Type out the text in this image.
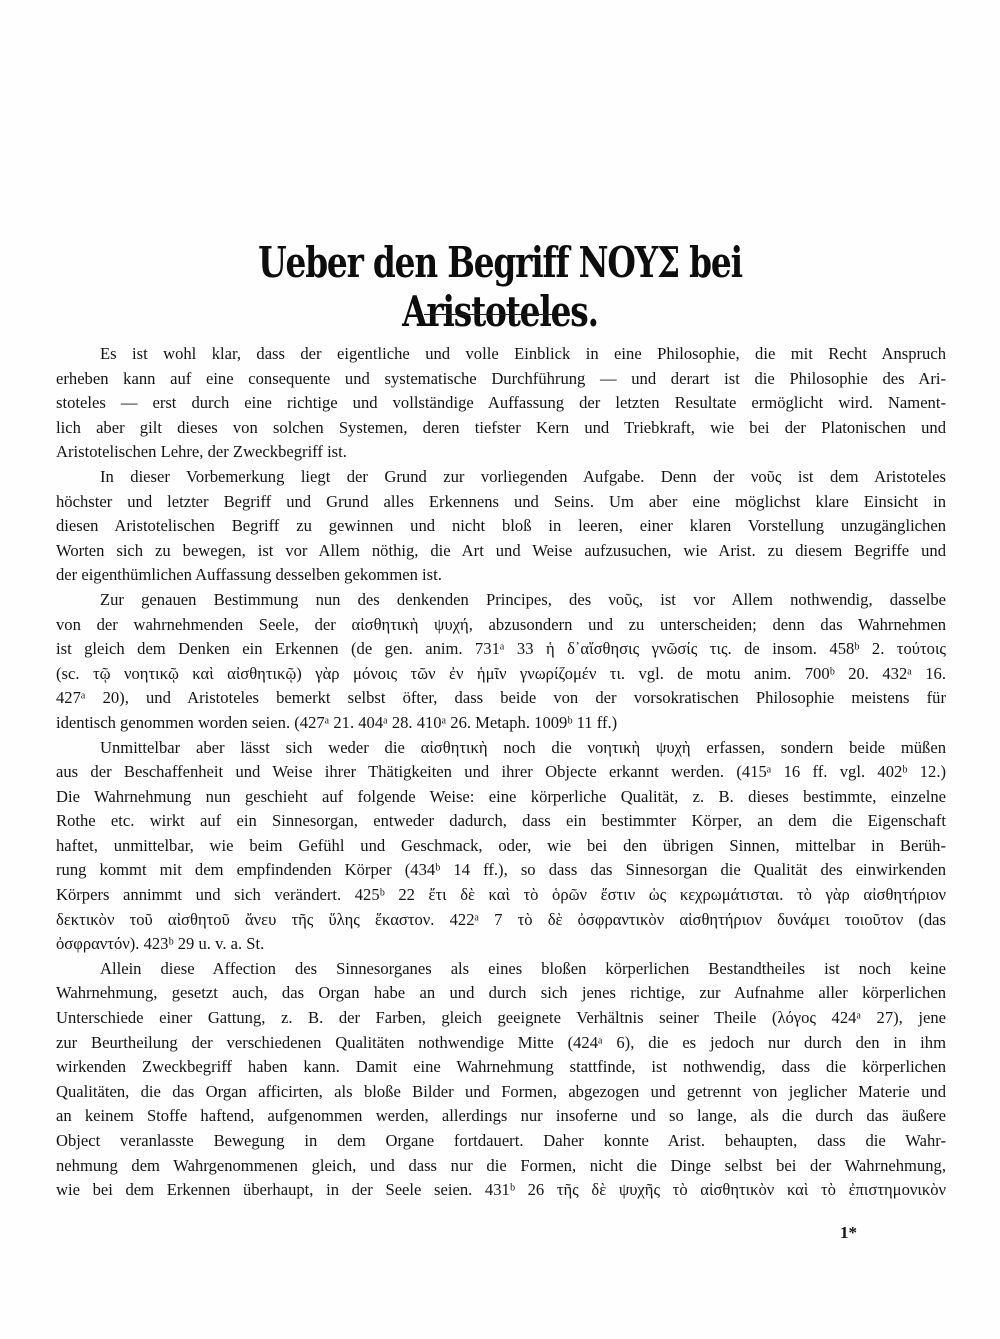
Ueber den Begriff ΝΟΥΣ bei Aristoteles.
Es ist wohl klar, dass der eigentliche und volle Einblick in eine Philosophie, die mit Recht Anspruch
erheben kann auf eine consequente und systematische Durchführung — und derart ist die Philosophie des Ari-
stoteles — erst durch eine richtige und vollständige Auffassung der letzten Resultate ermöglicht wird. Nament-
lich aber gilt dieses von solchen Systemen, deren tiefster Kern und Triebkraft, wie bei der Platonischen und
Aristotelischen Lehre, der Zweckbegriff ist.
In dieser Vorbemerkung liegt der Grund zur vorliegenden Aufgabe. Denn der νοῦς ist dem Aristoteles
höchster und letzter Begriff und Grund alles Erkennens und Seins. Um aber eine möglichst klare Einsicht in
diesen Aristotelischen Begriff zu gewinnen und nicht bloß in leeren, einer klaren Vorstellung unzugänglichen
Worten sich zu bewegen, ist vor Allem nöthig, die Art und Weise aufzusuchen, wie Arist. zu diesem Begriffe und
der eigenthümlichen Auffassung desselben gekommen ist.
Zur genauen Bestimmung nun des denkenden Principes, des νοῦς, ist vor Allem nothwendig, dasselbe
von der wahrnehmenden Seele, der αἰσθητικὴ ψυχή, abzusondern und zu unterscheiden; denn das Wahrnehmen
ist gleich dem Denken ein Erkennen (de gen. anim. 731ᵃ 33 ἡ δ᾽αἴσθησις γνῶσίς τις. de insom. 458ᵇ 2. τούτοις
(sc. τῷ νοητικῷ καὶ αἰσθητικῷ) γὰρ μόνοις τῶν ἐν ἡμῖν γνωρίζομέν τι. vgl. de motu anim. 700ᵇ 20. 432ᵃ 16.
427ᵃ 20), und Aristoteles bemerkt selbst öfter, dass beide von der vorsokratischen Philosophie meistens für
identisch genommen worden seien. (427ᵃ 21. 404ᵃ 28. 410ᵃ 26. Metaph. 1009ᵇ 11 ff.)
Unmittelbar aber lässt sich weder die αἰσθητικὴ noch die νοητικὴ ψυχὴ erfassen, sondern beide müßen
aus der Beschaffenheit und Weise ihrer Thätigkeiten und ihrer Objecte erkannt werden. (415ᵃ 16 ff. vgl. 402ᵇ 12.)
Die Wahrnehmung nun geschieht auf folgende Weise: eine körperliche Qualität, z. B. dieses bestimmte, einzelne
Rothe etc. wirkt auf ein Sinnesorgan, entweder dadurch, dass ein bestimmter Körper, an dem die Eigenschaft
haftet, unmittelbar, wie beim Gefühl und Geschmack, oder, wie bei den übrigen Sinnen, mittelbar in Berüh-
rung kommt mit dem empfindenden Körper (434ᵇ 14 ff.), so dass das Sinnesorgan die Qualität des einwirkenden
Körpers annimmt und sich verändert. 425ᵇ 22 ἔτι δὲ καὶ τὸ ὁρῶν ἔστιν ὡς κεχρωμάτισται. τὸ γὰρ αἰσθητήριον
δεκτικὸν τοῦ αἰσθητοῦ ἄνευ τῆς ὕλης ἕκαστον. 422ᵃ 7 τὸ δὲ ὀσφραντικὸν αἰσθητήριον δυνάμει τοιοῦτον (das
ὀσφραντόν). 423ᵇ 29 u. v. a. St.
Allein diese Affection des Sinnesorganes als eines bloßen körperlichen Bestandtheiles ist noch keine
Wahrnehmung, gesetzt auch, das Organ habe an und durch sich jenes richtige, zur Aufnahme aller körperlichen
Unterschiede einer Gattung, z. B. der Farben, gleich geeignete Verhältnis seiner Theile (λόγος 424ᵃ 27), jene
zur Beurtheilung der verschiedenen Qualitäten nothwendige Mitte (424ᵃ 6), die es jedoch nur durch den in ihm
wirkenden Zweckbegriff haben kann. Damit eine Wahrnehmung stattfinde, ist nothwendig, dass die körperlichen
Qualitäten, die das Organ afficirten, als bloße Bilder und Formen, abgezogen und getrennt von jeglicher Materie und
an keinem Stoffe haftend, aufgenommen werden, allerdings nur insoferne und so lange, als die durch das äußere
Object veranlasste Bewegung in dem Organe fortdauert. Daher konnte Arist. behaupten, dass die Wahr-
nehmung dem Wahrgenommenen gleich, und dass nur die Formen, nicht die Dinge selbst bei der Wahrnehmung,
wie bei dem Erkennen überhaupt, in der Seele seien. 431ᵇ 26 τῆς δὲ ψυχῆς τὸ αἰσθητικὸν καὶ τὸ ἐπιστημονικὸν
1*
